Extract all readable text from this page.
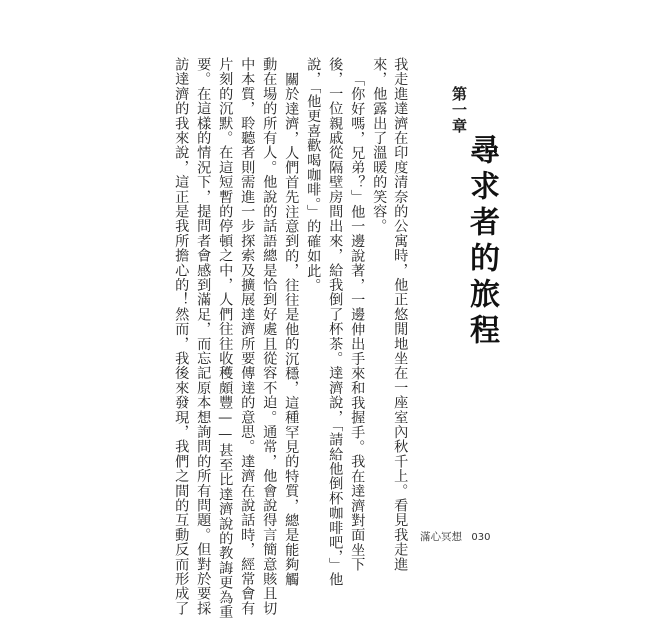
第一章
尋求者的旅程
我走進達濟在印度清奈的公寓時，他正悠閒地坐在一座室內秋千上。看見我走進
來，他露出了溫暖的笑容。
「你好嗎，兄弟？」他一邊說著，一邊伸出手來和我握手。我在達濟對面坐下
後，一位親戚從隔壁房間出來，給我倒了杯茶。達濟說，「請給他倒杯咖啡吧，」他
說，「他更喜歡喝咖啡。」的確如此。
關於達濟，人們首先注意到的，往往是他的沉穩，這種罕見的特質，總是能夠觸
動在場的所有人。他說的話語總是恰到好處且從容不迫。通常，他會說得言簡意賅且切
中本質，聆聽者則需進一步探索及擴展達濟所要傳達的意思。達濟在說話時，經常會有
片刻的沉默。在這短暫的停頓之中，人們往往收穫頗豐——甚至比達濟說的教誨更為重
要。在這樣的情況下，提問者會感到滿足，而忘記原本想詢問的所有問題。但對於要採
訪達濟的我來說，這正是我所擔心的！然而，我後來發現，我們之間的互動反而形成了	滿心冥想 030
